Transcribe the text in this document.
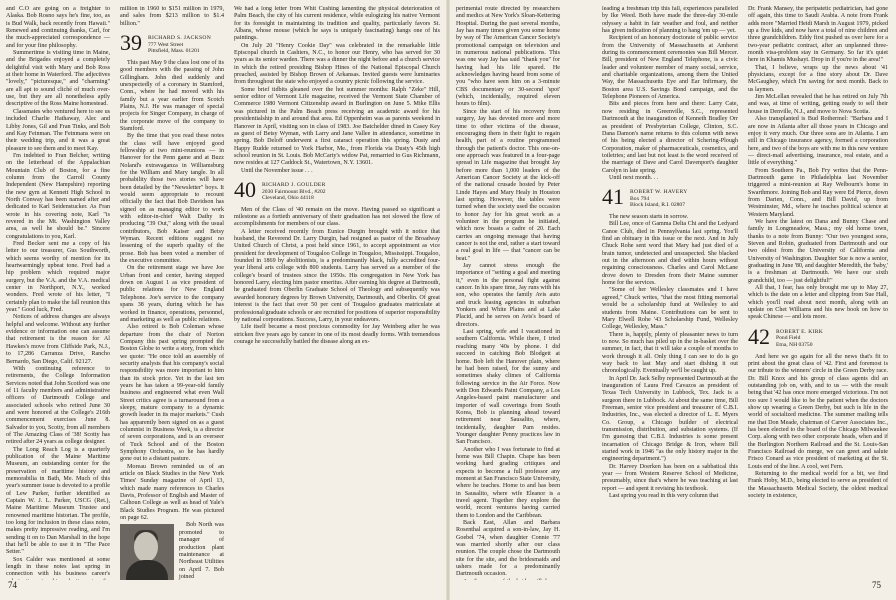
and C.O are going on a freighter to Alaska. Bob Rosno says he's fine, too, as is Bud Walk, back recently from Hawaii." Renewed and continuing thanks, Carl, for the much-appreciated correspondence — and for your fine philosophy.

Summertime is visiting time in Maine, and the Brigades enjoyed a completely delightful visit with Mary and Bob Ross at their home in Waterford. The adjectives "lovely," "picturesque," and "charming" are all apt to sound cliché of much over-use, but they are all nonetheless aptly descriptive of the Ross Maine homestead.

Classmates who ventured here to see us included Charlie Hathaway, Alec and Libby Jones, Gil and Fran Tinks, and Bob and Kay Feinman. The Feinmans were on their wedding trip, and it was a great pleasure to see them and to meet Kay.

I'm indebted to Fran Belcher, writing on the letterhead of the Appalachian Mountain Club of Boston, for a fine column from the Carroll County Independent (New Hampshire) reporting the new gym at Kennett High School in North Conway has been named after and dedicated to Karl Seidenstucker. As Fran wrote in his covering note, Karl "is revered in the Mt. Washington Valley area, as well he should be." Sincere congratulations to you, Karl.

Fred Becker sent me a copy of his letter to our treasurer, Gus Southworth, which seems worthy of mention for its heartwarmingly upbeat tone. Fred had a hip problem which required major surgery, but the V.A. and the V.A. medical center in Northport, N.Y., worked wonders. Fred wrote of his letter, "I certainly plan to make the fall reunion this year." Good luck, Fred.

Notices of address changes are always helpful and welcome. Without any further evidence or information one can assume that retirement is the reason for Al Hawkes's move from Cliffside Park, N.J., to 17,286 Carranza Drive, Rancho Bernardo, San Diego, Calif. 92127.

With continuing reference to retirements, the College Information Services noted that John Scotford was one of 11 faculty members and administrative officers of Dartmouth College and associated schools who retired June 30 and were honored at the College's 216th commencement exercises June 8. Salvador to you, Scotty, from all members of The Amazing Class of '38! Scotty has retired after 24 years as college designer.

The Long Reach Log is a quarterly publication of the Maine Maritime Museum, an outstanding center for the preservation of maritime history and memorabilia in Bath, Me. Much of this year's summer issue is devoted to a profile of Lew Parker, further identified as Captain W. J. L. Parker, USCG (Ret.), Maine Maritime Museum Trustee and renowned maritime historian. The profile, too long for inclusion in these class notes, makes pretty impressive reading, and I'm sending it on to Dan Marshall in the hope that he'll be able to use it in "The Pace Setter."

Sox Calder was mentioned at some length in these notes last spring in connection with his business career's

million in 1960 to $151 million in 1979, and sales from $213 million to $1.4 billion."

39	RICHARD S. JACKSON
777 West Street
Pittsfield, Mass. 01201

This past May 9 the class lost one of its good members with the passing of John Gillingham. John died suddenly and unexpectedly of a coronary in Stamford, Conn., where he had moved with his family but a year earlier from Scotch Plains, N.J. He was manager of special projects for Singer Company, in charge of the corporate move of the company to Stamford.

By the time that you read these notes the class will have enjoyed good fellowship at two mini-reunions — in Hanover for the Penn game and at Buzz Noland's extravaganza in Williamsburg for the William and Mary tangle. In all probability those two stories will have been detailed by the "Newsletter" boys. It would seem appropriate to recount officially the fact that Bob Davidson has signed on as managing editor to work with editor-in-chief Walt Dathy in producing "39 Out," along with the usual contributors, Bob Kaiser and Betsy Wyman. Recent editions suggest no lessening of the superb quality of the prose. Bob has been voted a member of the executive committee.

On the retirement stage we have Joe Urban front and center, having stepped down on August 1 as vice president of public relations for New England Telephone. Joe's service to the company spans 38 years, during which he has worked in finance, operations, personnel, and marketing as well as public relations.

Also retired is Bob Coleman whose departure from the chair of Norton Company this past spring prompted the Boston Globe to write a story, from which we quote: "He once told an assembly of security analysts that his company's social responsibility was more important to him than its stock price. Yet in the last ten years he has taken a 99-year-old family business and engineered what even Wall Street critics agree is a turnaround from a sleepy, mature company to a dynamic growth leader in its major markets." Cush has apparently been signed on as a guest columnist in Business Week, is a director of seven corporations, and is an overseer of Tuck School and of the Boston Symphony Orchestra, so he has hardly gone out to a distant pasture.

Moreau Brown reminded us of an article on Black Studies in the New York Times' Sunday magazine of April 13, which made many references to Charles Davis, Professor of English and Master of Calhoun College as well as head of Yale's Black Studies Program. He was pictured on page 62.

Bob North was promoted to manager of production plant maintenance at Northeast Utilities on April 7. Bob joined

We had a long letter from Whit Cushing lamenting the physical deterioration of Palm Beach, the city of his current residence, while eulogizing his native Vermont for its foresight in maintaining its tradition and quality, particularly favors St. Albans, whose mouse (which he says is uniquely fascinating) hangs one of his paintings.

On July 20 "Henry Cookie Day" was celebrated in the remarkable little Episcopal church in Cashiers, N.C., to honor our Henry, who has served for 30 years as its senior warden. There was a dinner the night before and a church service in which the retired presiding Bishop Hines of the National Episcopal Church preached, assisted by Bishop Brown of Arkansas. Invited guests were luminaries from throughout the state who enjoyed a country picnic following the service.

Some brief tidbits gleaned over the hot summer months: Ralph "Zeke" Hill, senior editor of Vermont Life magazine, received the Vermont State Chamber of Commerce 1980 Vermont Citizenship award in Burlington on June 5. Mike Ellis was pictured in the Palm Beach press receiving an academic award for his presidentialship in and around that area. Ed Oppenheim was as parents weekend in Hanover in April, visiting son in class of 1983. Joe Batchelder dined in Casey Key as guest of Betsy Wyman, with Larry and Jane Vallee in attendance, sometime in spring. Bob Deloff underwent a first cataract operation this spring. Dusty and Happy Rudde returned to York Harbor, Me., from Florida via Dusty's 45th high school reunion in St. Louis. Bob McCarty's widow Pat, remarried to Gus Richmann, now resides at 127 Caddock St., Watertown, N.Y. 13601.

Until the November issue . . .

40	RICHARD J. GOULDER
2030 Fairmount Blvd., #202
Cleveland, Ohio 44118

Men of the Class of '40 remain on the move. Having passed so significant a milestone as a fortieth anniversary of their graduation has not slowed the flow of accomplishments for members of our class.

A letter received recently from Eunice Durgin brought with it notice that husband, the Reverend Dr. Larry Durgin, had resigned as pastor of the Broadway United Church of Christ, a post held since 1961, to accept appointment as vice president for development of Tougaloo College in Tougaloo, Mississippi. Tougaloo, founded in 1869 by abolitionists, is a predominantly black, fully accredited four-year liberal arts college with 800 students. Larry has served as a member of the college's board of trustees since the 1950s. His congregation in New York has honored Larry, electing him pastor emeritus. After earning his degree at Dartmouth, he graduated from Oberlin Graduate School of Theology and subsequently was awarded honorary degrees by Brown University, Dartmouth, and Oberlin. Of great interest is the fact that over 50 per cent of Tougaloo graduates matriculate at professional/graduate schools or are recruited for positions of superior responsibility by national corporations. Success, Larry, in your endeavors.

Life itself became a most precious commodity for Jay Weinberg after he was stricken five years ago by cancer in one of its most deadly forms. With tremendous courage he successfully battled the disease along an ex-

74

perimental route directed by researchers and medics at New York's Sloan-Kettering Hospital. During the past several months, Jay has many times given you some home by way of The American Cancer Society's promotional campaign on television and in numerous national publications. This was one way Jay has said "thank you" for having had his life spared. He acknowledges having heard from some of you "who have seen him on a 3-minute CBS documentary or 30-second 'spot' (which, incidentally, required eleven hours to film).

Since the start of his recovery from surgery, Jay has devoted more and more time to other victims of the disease, encouraging them in their fight to regain health, part of a routine programmed through the patient's doctor. This one-on-one approach was featured in a four-page spread in Life magazine that brought Jay before more than 1,000 leaders of the American Cancer Society at the kick-off of the national crusade hosted by Peter Linde Hayes and Mary Healy in Houston last spring. However, the tables were turned when the society used the occasion to honor Jay for his great work as a volunteer in the program he initiated, which now boasts a cadre of 20. Each carries an ongoing message that having cancer is not the end, rather a start toward a real goal in life — that "cancer can be beat."

Jay cannot stress enough the importance of "setting a goal and meeting it," even in the personal fight against cancer. In his spare time, Jay runs with his son, who operates the family Avis auto and truck leasing agencies in suburban Yonkers and White Plains and at Lake Placid, and he serves on Avis's board of directors.

Last spring, wife and I vacationed in southern California. While there, I tried reaching many '40s by phone. I did succeed in catching Bob Blodgett at home. Bob left the Hanover plain, where he had been raised, for the sunny and sometimes shaky climes of California following service in the Air Force. Now with Don Edwards Paint Company, a Los Angeles-based paint manufacturer and importer of wall coverings from South Korea, Bob is planning ahead toward retirement near Sausalito, where, incidentally, daughter Pam resides. Younger daughter Penny practices law in San Francisco.

Another who I was fortunate to find at home was Bill Chapin. Chape has been working hard grading critiques and expects to become a full professor any moment at San Francisco State University, where he teaches. Home to and has been in Sausalito, where wife Eleanor is a travel agent. Together they explore the world, recent ventures having carried them to London and the Caribbean.

Back East, Allan and Barbara Rosenthal acquired a son-in-law, Jay H. Goebel '74, when daughter Connie '77 was married shortly after our class reunion. The couple chose the Dartmouth site for the site, and the bridesmaids and ushers made for a predominantly Dartmouth occasion.

leading a freshman trip this fall, experiences paralleled by Ike Weed. Both have made the three-day 30-mile odyssey a habit in fair weather and foul, and neither has given indication of planning to hang 'em up — yet.

Recipient of an honorary doctorate of public service from the University of Massachusetts at Amherst during its commencement ceremonies was Bill Mercer. Bill, president of New England Telephone, is a civic leader and volunteer member of many social, service, and charitable organizations, among them the United Way, the Massachusetts Eye and Ear Infirmary, the Boston area U.S. Savings Bond campaign, and the Telephone Pioneers of America.

Bits and pieces from here and there: Larry Cate, now residing in Greenville, S.C., represented Dartmouth at the inauguration of Kenneth Bradley Orr as president of Presbyterian College, Clinton, S.C. Dana Damon's name returns to this column with news of his being elected a director of Schering-Plough Corporation, maker of pharmaceuticals, cosmetics, and toiletries; and last but not least is the word received of the marriage of Dave and Carol Davenport's daughter Carolyn in late spring.

Until next month. . .

41	ROBERT W. HAVERY
Box 794
Block Island, R.I. 02807

The new season starts in sorrow.

Bill Lee, once of Gamma Delta Chi and the Ledyard Canoe Club, died in Pennsylvania last spring. You'll find an obituary in this issue or the next. And in July Chuck Rohe sent word that Mary had just died of a brain tumor, undetected and unsuspected. She blacked out in the afternoon and died within hours without regaining consciousness. Charles and Carol McLane drove down to Dresden from their Maine summer home for the services.

"Some of her Wellesley classmates and I have agreed," Chuck writes, "that the most fitting memorial would be a scholarship fund at Wellesley to aid students from Maine. Contributions can be sent to Mary Elwell Rohe '43 Scholarship Fund, Wellesley College, Wellesley, Mass."

There is, happily, plenty of pleasanter news to turn to now. So much has piled up in the in-basket over the summer, in fact, that it will take a couple of months to work through it all. Only thing I can see to do is go way back to last May and start dishing it out chronologically. Eventually we'll be caught up.

In April Dr. Jack Selby represented Dartmouth at the inauguration of Laura Fred Cavazos as president of Texas Tech University in Lubbock, Tex. Jack is a surgeon there in Lubbock. At about the same time, Bill Freeman, senior vice president and treasurer of C.B.I. Industries, Inc., was elected a director of L. E. Myers Co. Group, a Chicago builder of electrical transmission, distribution, and substation systems. (If I'm guessing that C.B.I. Industries is some present incarnation of Chicago Bridge & Iron, where Bill started work in 1946 "as the only history major in the engineering department.")

Dr. Harvey Doerken has been on a sabbatical this year — from Western Reserve School of Medicine, presumably, since that's where he was teaching at last report — and spent it revising his textbook.

Last spring you read in this very column that

Dr. Frank Mansey, the peripatetic pediatrician, had gone off again, this time to Saudi Arabia. A note from Frank adds more "Married Heidi Marsh in August 1979, picked up a five kids, and now have a total of nine children and three grandchildren. Eddy first pushed us over here for a two-year pediatric contract, after an unplanned three-month visa-problem stay in Germany. So far it's quiet here in Khamis Mushayt. Drop in if you're in the area!"

That, I believe, wraps up the news about '41 physicians, except for a fine story about Dr. Dave McGaughey, which I'm saving for next month. Back to us laymen.

Jim McLellan revealed that he has retired on July 7th and was, at time of writing, getting ready to sell their house in Denville, N.J., and move to Nova Scotia.

Also transplanted is Bud Rothermel: "Barbara and I are now in Atlanta after all those years in Chicago and enjoy it very much. Our three sons are in Atlanta. I am still in Chicago insurance agency, formed a corporation here, and two of the boys are with me in this new venture — direct-mail advertising, insurance, real estate, and a little of everything."

From Southern Pa., Bob Fry writes that the Penn-Dartmouth game in Philadelphia last November triggered a mini-reunion at Ray Welbourn's home in Swarthmore. Joining Bob and Ray were Ed Pierce, down from Darien, Conn., and Bill David, up from Westminster, Md., where he teaches political science at Western Maryland.

We have the latest on Dana and Bunny Chase and family in Longmeadow, Mass.; my old home town, thanks to a note from Bunny: "Our two youngest sons, Steven and Robin, graduated from Dartmouth and our two oldest from the University of California and University of Washington. Daughter Sue is now a senior, graduating in June '80, and daughter Meredith, the 'baby,' is a freshman at Dartmouth. We have our sixth grandchild, too — just delightful!"

All that, I fear, has only brought me up to May 27, which is the date on a letter and clipping from Sue Hall, which you'll read about next month, along with an update on Chet Williams and his new book on how to speak Chinese — and lots more.

42	ROBERT E. KIRK
Pond Field
Etna, NH 03750

And here we go again for all the news that's fit to print about the great class of '42. First and foremost is our tribute to the winners' circle in the Green Derby race. Dr. Bill Knox and his group of class agents did an outstanding job on, with, and to us — with the result being that '42 has once more emerged victorious. I'm not too sure I would like to be the patient when the doctors show up wearing a Green Derby, but such is life in the world of socialized medicine. The summer mailing tells me that Don Meade, chairman of Carver Associates Inc., has been elected to the board of the Chicago Milwaukee Corp. along with two other corporate heads, when and if the Burlington Northern Railroad and the St. Louis-San Francisco Railroad do merge, we can greet and salute Frisco Conard as vice president of marketing at the St. Louis end of the line. A cool, wet Fern.

Returning to the medical world for a bit, we find Frank Hoby, M.D., being elected to serve as president of the Massachusetts Medical Society, the oldest medical society in existence,

75
